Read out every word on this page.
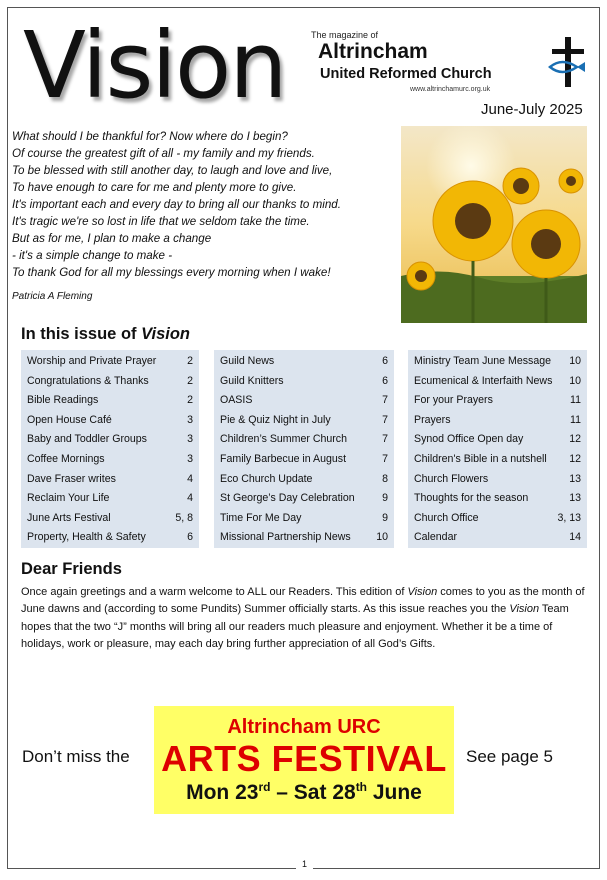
Vision	The magazine of
Altrincham
United Reformed Church
www.altrinchamurc.org.uk
June-July 2025
What should I be thankful for? Now where do I begin?
Of course the greatest gift of all - my family and my friends.
To be blessed with still another day, to laugh and love and live,
To have enough to care for me and plenty more to give.
It's important each and every day to bring all our thanks to mind.
It's tragic we're so lost in life that we seldom take the time.
But as for me, I plan to make a change
- it's a simple change to make -
To thank God for all my blessings every morning when I wake!
Patricia A Fleming
In this issue of Vision
Worship and Private Prayer	2
Congratulations & Thanks	2
Bible Readings	2
Open House Café	3
Baby and Toddler Groups	3
Coffee Mornings	3
Dave Fraser writes	4
Reclaim Your Life	4
June Arts Festival	5, 8
Property, Health & Safety	6
Guild News	6
Guild Knitters	6
OASIS	7
Pie & Quiz Night in July	7
Children’s Summer Church	7
Family Barbecue in August	7
Eco Church Update	8
St George’s Day Celebration	9
Time For Me Day	9
Missional Partnership News 10
Ministry Team June Message 10
Ecumenical & Interfaith News 10
For your Prayers	11
Prayers	11
Synod Office Open day	12
Children's Bible in a nutshell 12
Church Flowers	13
Thoughts for the season	13
Church Office	3, 13
Calendar	14
Dear Friends
Once again greetings and a warm welcome to ALL our Readers. This edition of Vision comes to you as the month of June dawns and (according to some Pundits) Summer officially starts. As this issue reaches you the Vision Team hopes that the two “J” months will bring all our readers much pleasure and enjoyment. Whether it be a time of holidays, work or pleasure, may each day bring further appreciation of all God’s Gifts.
Don’t miss the
Altrincham URC
ARTS FESTIVAL
Mon 23rd – Sat 28th June
See page 5
1
